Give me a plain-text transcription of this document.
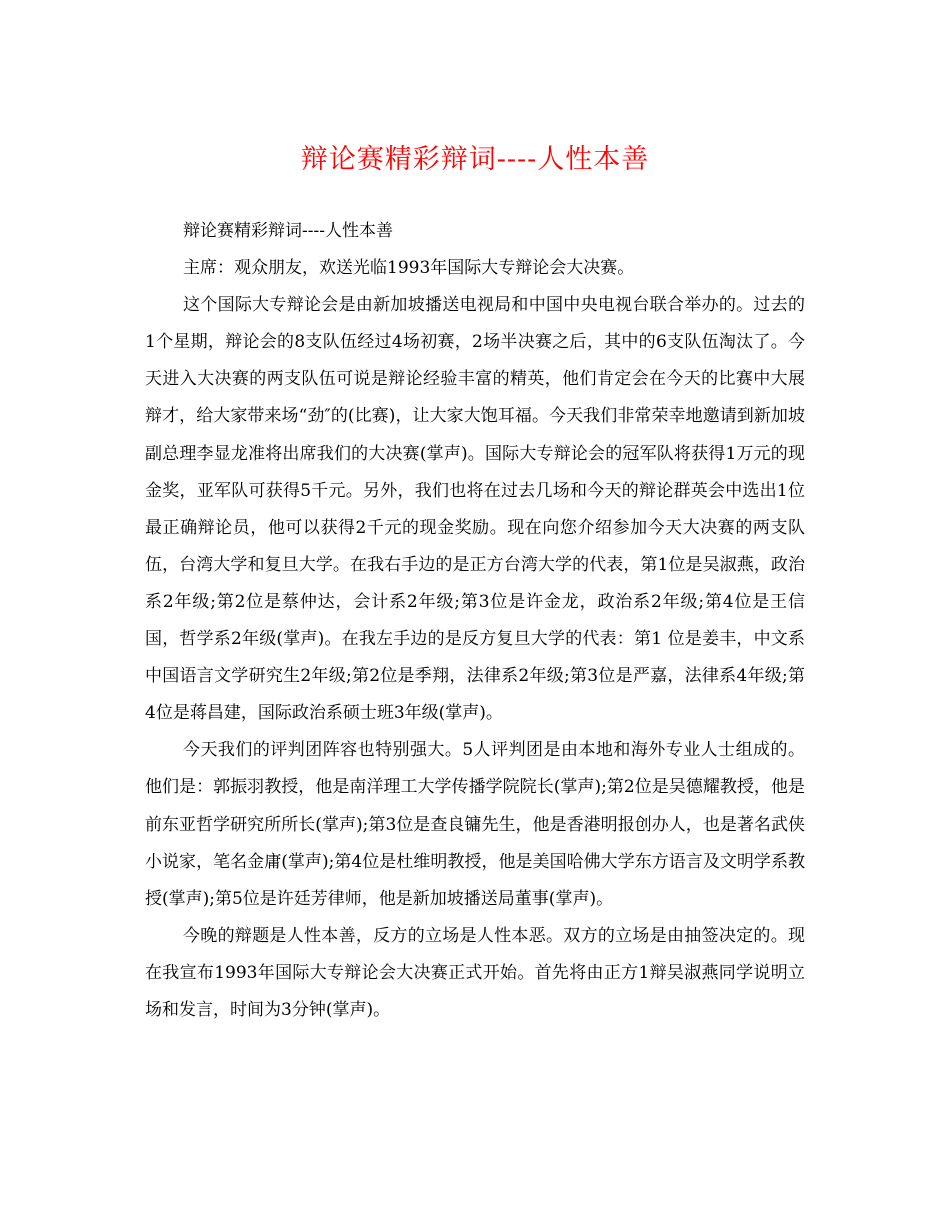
辩论赛精彩辩词----人性本善

辩论赛精彩辩词----人性本善

主席：观众朋友，欢送光临1993年国际大专辩论会大决赛。

这个国际大专辩论会是由新加坡播送电视局和中国中央电视台联合举办的。过去的1个星期，辩论会的8支队伍经过4场初赛，2场半决赛之后，其中的6支队伍淘汰了。今天进入大决赛的两支队伍可说是辩论经验丰富的精英，他们肯定会在今天的比赛中大展辩才，给大家带来场“劲″的(比赛)，让大家大饱耳福。今天我们非常荣幸地邀请到新加坡副总理李显龙准将出席我们的大决赛(掌声)。国际大专辩论会的冠军队将获得1万元的现金奖，亚军队可获得5千元。另外，我们也将在过去几场和今天的辩论群英会中选出1位最正确辩论员，他可以获得2千元的现金奖励。现在向您介绍参加今天大决赛的两支队伍，台湾大学和复旦大学。在我右手边的是正方台湾大学的代表，第1位是吴淑燕，政治系2年级;第2位是蔡仲达，会计系2年级;第3位是许金龙，政治系2年级;第4位是王信国，哲学系2年级(掌声)。在我左手边的是反方复旦大学的代表：第1 位是姜丰，中文系中国语言文学研究生2年级;第2位是季翔，法律系2年级;第3位是严嘉，法律系4年级;第4位是蒋昌建，国际政治系硕士班3年级(掌声)。

今天我们的评判团阵容也特别强大。5人评判团是由本地和海外专业人士组成的。他们是：郭振羽教授，他是南洋理工大学传播学院院长(掌声);第2位是吴德耀教授，他是前东亚哲学研究所所长(掌声);第3位是查良镛先生，他是香港明报创办人，也是著名武侠小说家，笔名金庸(掌声);第4位是杜维明教授，他是美国哈佛大学东方语言及文明学系教授(掌声);第5位是许廷芳律师，他是新加坡播送局董事(掌声)。

今晚的辩题是人性本善，反方的立场是人性本恶。双方的立场是由抽签决定的。现在我宣布1993年国际大专辩论会大决赛正式开始。首先将由正方1辩吴淑燕同学说明立场和发言，时间为3分钟(掌声)。
